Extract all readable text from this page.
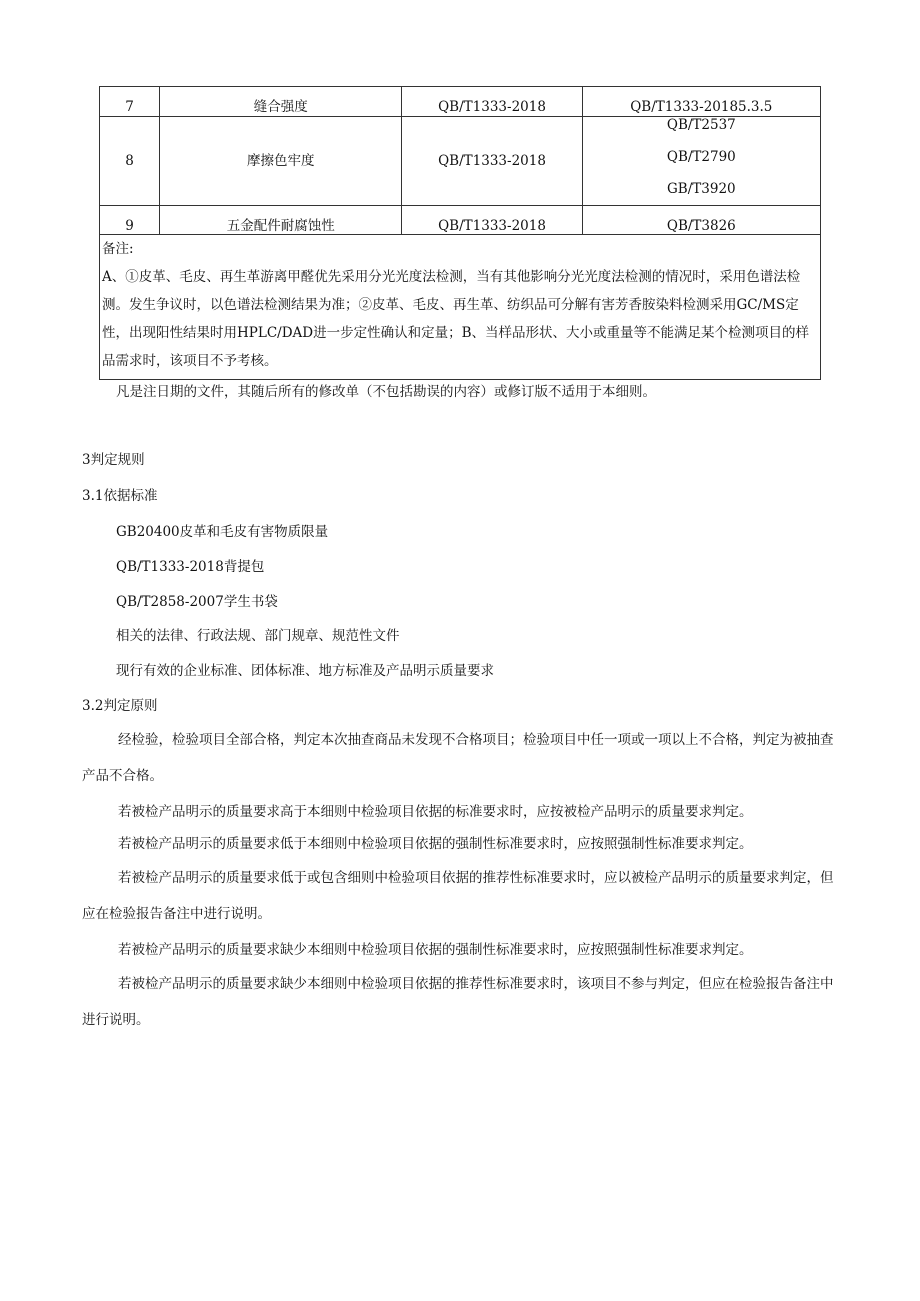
7	缝合强度	QB/T1333-2018	QB/T1333-20185.3.5
8	摩擦色牢度	QB/T1333-2018	QB/T2537
QB/T2790
GB/T3920

9	五金配件耐腐蚀性	QB/T1333-2018	QB/T3826

备注:
A、①皮革、毛皮、再生革游离甲醛优先采用分光光度法检测，当有其他影响分光光度法检测的情况时，采用色谱法检测。发生争议时，以色谱法检测结果为准；②皮革、毛皮、再生革、纺织品可分解有害芳香胺染料检测采用GC/MS定性，出现阳性结果时用HPLC/DAD进一步定性确认和定量；B、当样品形状、大小或重量等不能满足某个检测项目的样品需求时，该项目不予考核。			

凡是注日期的文件，其随后所有的修改单（不包括勘误的内容）或修订版不适用于本细则。

3判定规则

3.1依据标准

GB20400皮革和毛皮有害物质限量

QB/T1333-2018背提包

QB/T2858-2007学生书袋

相关的法律、行政法规、部门规章、规范性文件

现行有效的企业标准、团体标准、地方标准及产品明示质量要求

3.2判定原则

经检验，检验项目全部合格，判定本次抽查商品未发现不合格项目；检验项目中任一项或一项以上不合格，判定为被抽查产品不合格。

若被检产品明示的质量要求高于本细则中检验项目依据的标准要求时，应按被检产品明示的质量要求判定。

若被检产品明示的质量要求低于本细则中检验项目依据的强制性标准要求时，应按照强制性标准要求判定。

若被检产品明示的质量要求低于或包含细则中检验项目依据的推荐性标准要求时，应以被检产品明示的质量要求判定，但应在检验报告备注中进行说明。

若被检产品明示的质量要求缺少本细则中检验项目依据的强制性标准要求时，应按照强制性标准要求判定。

若被检产品明示的质量要求缺少本细则中检验项目依据的推荐性标准要求时，该项目不参与判定，但应在检验报告备注中进行说明。
